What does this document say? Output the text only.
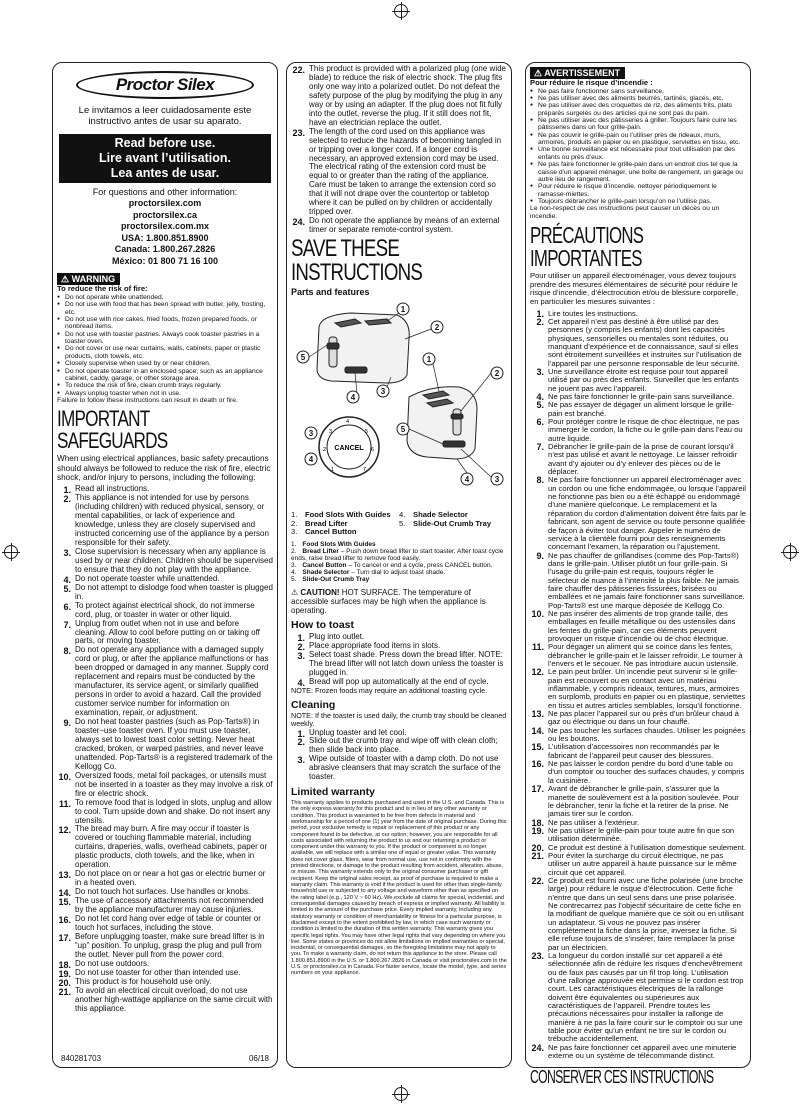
Proctor Silex
Le invitamos a leer cuidadosamente este instructivo antes de usar su aparato.
Read before use.
Lire avant l’utilisation.
Lea antes de usar.
For questions and other information:
proctorsilex.com
proctorsilex.ca
proctorsilex.com.mx
USA: 1.800.851.8900
Canada: 1.800.267.2826
México: 01 800 71 16 100
⚠ WARNING
To reduce the risk of fire:
● Do not operate while unattended.
● Do not use with food that has been spread with butter, jelly, frosting, etc.
● Do not use with rice cakes, fried foods, frozen prepared foods, or nonbread items.
● Do not use with toaster pastries. Always cook toaster pastries in a toaster oven.
● Do not cover or use near curtains, walls, cabinets, paper or plastic products, cloth towels, etc.
● Closely supervise when used by or near children.
● Do not operate toaster in an enclosed space, such as an appliance cabinet, caddy, garage, or other storage area.
● To reduce the risk of fire, clean crumb trays regularly.
● Always unplug toaster when not in use.
Failure to follow these instructions can result in death or fire.
IMPORTANT SAFEGUARDS
When using electrical appliances, basic safety precautions should always be followed to reduce the risk of fire, electric shock, and/or injury to persons, including the following:
1. Read all instructions.
2. This appliance is not intended for use by persons (including children) with reduced physical, sensory, or mental capabilities, or lack of experience and knowledge, unless they are closely supervised and instructed concerning use of the appliance by a person responsible for their safety.
3. Close supervision is necessary when any appliance is used by or near children. Children should be supervised to ensure that they do not play with the appliance.
4. Do not operate toaster while unattended.
5. Do not attempt to dislodge food when toaster is plugged in.
6. To protect against electrical shock, do not immerse cord, plug, or toaster in water or other liquid.
7. Unplug from outlet when not in use and before cleaning. Allow to cool before putting on or taking off parts, or moving toaster.
8. Do not operate any appliance with a damaged supply cord or plug, or after the appliance malfunctions or has been dropped or damaged in any manner. Supply cord replacement and repairs must be conducted by the manufacturer, its service agent, or similarly qualified persons in order to avoid a hazard. Call the provided customer service number for information on examination, repair, or adjustment.
9. Do not heat toaster pastries (such as Pop-Tarts®) in toaster–use toaster oven. If you must use toaster, always set to lowest toast color setting. Never heat cracked, broken, or warped pastries, and never leave unattended. Pop-Tarts® is a registered trademark of the Kellogg Co.
10. Oversized foods, metal foil packages, or utensils must not be inserted in a toaster as they may involve a risk of fire or electric shock.
11. To remove food that is lodged in slots, unplug and allow to cool. Turn upside down and shake. Do not insert any utensils.
12. The bread may burn. A fire may occur if toaster is covered or touching flammable material, including curtains, draperies, walls, overhead cabinets, paper or plastic products, cloth towels, and the like, when in operation.
13. Do not place on or near a hot gas or electric burner or in a heated oven.
14. Do not touch hot surfaces. Use handles or knobs.
15. The use of accessory attachments not recommended by the appliance manufacturer may cause injuries.
16. Do not let cord hang over edge of table or counter or touch hot surfaces, including the stove.
17. Before unplugging toaster, make sure bread lifter is in “up” position. To unplug, grasp the plug and pull from the outlet. Never pull from the power cord.
18. Do not use outdoors.
19. Do not use toaster for other than intended use.
20. This product is for household use only.
21. To avoid an electrical circuit overload, do not use another high-wattage appliance on the same circuit with this appliance.
840281703	06/18
22. This product is provided with a polarized plug (one wide blade) to reduce the risk of electric shock. The plug fits only one way into a polarized outlet. Do not defeat the safety purpose of the plug by modifying the plug in any way or by using an adapter. If the plug does not fit fully into the outlet, reverse the plug. If it still does not fit, have an electrician replace the outlet.
23. The length of the cord used on this appliance was selected to reduce the hazards of becoming tangled in or tripping over a longer cord. If a longer cord is necessary, an approved extension cord may be used. The electrical rating of the extension cord must be equal to or greater than the rating of the appliance. Care must be taken to arrange the extension cord so that it will not drape over the countertop or tabletop where it can be pulled on by children or accidentally tripped over.
24. Do not operate the appliance by means of an external timer or separate remote-control system.
SAVE THESE INSTRUCTIONS
Parts and features
CANCEL
4
5
6
7
3
2
1
1
2
5
4
3
1
2
5
4	3
3
4
1. Food Slots With Guides	4. Shade Selector
2. Bread Lifter	5. Slide-Out Crumb Tray
3. Cancel Button
1. Food Slots With Guides
2. Bread Lifter – Push down bread lifter to start toaster. After toast cycle ends, raise bread lifter to remove food easily.
3. Cancel Button – To cancel or end a cycle, press CANCEL button.
4. Shade Selector – Turn dial to adjust toast shade.
5. Slide-Out Crumb Tray
⚠ CAUTION! HOT SURFACE. The temperature of accessible surfaces may be high when the appliance is operating.
How to toast
1. Plug into outlet.
2. Place appropriate food items in slots.
3. Select toast shade. Press down the bread lifter. NOTE: The bread lifter will not latch down unless the toaster is plugged in.
4. Bread will pop up automatically at the end of cycle.
NOTE: Frozen foods may require an additional toasting cycle.
Cleaning
NOTE: If the toaster is used daily, the crumb tray should be cleaned weekly.
1. Unplug toaster and let cool.
2. Slide out the crumb tray and wipe off with clean cloth; then slide back into place.
3. Wipe outside of toaster with a damp cloth. Do not use abrasive cleansers that may scratch the surface of the toaster.
Limited warranty
This warranty applies to products purchased and used in the U.S. and Canada. This is the only express warranty for this product and is in lieu of any other warranty or condition. This product is warranted to be free from defects in material and workmanship for a period of one (1) year from the date of original purchase. During this period, your exclusive remedy is repair or replacement of this product or any component found to be defective, at our option; however, you are responsible for all costs associated with returning the product to us and our returning a product or component under this warranty to you. If the product or component is no longer available, we will replace with a similar one of equal or greater value. This warranty does not cover glass, filters, wear from normal use, use not in conformity with the printed directions, or damage to the product resulting from accident, alteration, abuse, or misuse. This warranty extends only to the original consumer purchaser or gift recipient. Keep the original sales receipt, as proof of purchase is required to make a warranty claim. This warranty is void if the product is used for other than single-family household use or subjected to any voltage and waveform other than as specified on the rating label (e.g., 120 V ~ 60 Hz). We exclude all claims for special, incidental, and consequential damages caused by breach of express or implied warranty. All liability is limited to the amount of the purchase price. Every implied warranty, including any statutory warranty or condition of merchantability or fitness for a particular purpose, is disclaimed except to the extent prohibited by law, in which case such warranty or condition is limited to the duration of this written warranty. This warranty gives you specific legal rights. You may have other legal rights that vary depending on where you live. Some states or provinces do not allow limitations on implied warranties or special, incidental, or consequential damages, so the foregoing limitations may not apply to you. To make a warranty claim, do not return this appliance to the store. Please call 1.800.851.8900 in the U.S. or 1.800.267.2826 in Canada or visit proctorsilex.com in the U.S. or proctorsilex.ca in Canada. For faster service, locate the model, type, and series numbers on your appliance.
⚠ AVERTISSEMENT
Pour réduire le risque d’incendie :
● Ne pas faire fonctionner sans surveillance.
● Ne pas utiliser avec des aliments beurrés, tartinés, glacés, etc.
● Ne pas utiliser avec des croquettes de riz, des aliments frits, plats préparés surgelés ou des articles qui ne sont pas du pain.
● Ne pas utiliser avec des pâtisseries à griller. Toujours faire cuire les pâtisseries dans un four grille-pain.
● Ne pas couvrir le grille-pain ou l’utiliser près de rideaux, murs, armoires, produits en papier ou en plastique, serviettes en tissu, etc.
● Une bonne surveillance est nécessaire pour tout utilisation par des enfants ou près d’eux.
● Ne pas faire fonctionner le grille-pain dans un endroit clos tel que la caisse d’un appareil ménager, une boîte de rangement, un garage ou autre lieu de rangement.
● Pour réduire le risque d’incendie, nettoyer périodiquement le ramasse-miettes.
● Toujours débrancher le grille-pain lorsqu’on ne l’utilise pas.
Le non-respect de ces instructions peut causer un décès ou un incendie.
PRÉCAUTIONS IMPORTANTES
Pour utiliser un appareil électroménager, vous devez toujours prendre des mesures élémentaires de sécurité pour réduire le risque d’incendie, d’électrocution et/ou de blessure corporelle, en particulier les mesures suivantes :
1. Lire toutes les instructions.
2. Cet appareil n’est pas destiné à être utilisé par des personnes (y compris les enfants) dont les capacités physiques, sensorielles ou mentales sont réduites, ou manquant d’expérience et de connaissance, sauf si elles sont étroitement surveillées et instruites sur l’utilisation de l’appareil par une personne responsable de leur sécurité.
3. Une surveillance étroite est requise pour tout appareil utilisé par ou près des enfants. Surveiller que les enfants ne jouent pas avec l’appareil.
4. Ne pas faire fonctionner le grille-pain sans surveillance.
5. Ne pas essayer de dégager un aliment lorsque le grille-pain est branché.
6. Pour protéger contre le risque de choc électrique, ne pas immerger le cordon, la fiche ou le grille-pain dans l’eau ou autre liquide.
7. Débrancher le grille-pain de la prise de courant lorsqu’il n’est pas utilisé et avant le nettoyage. Le laisser refroidir avant d’y ajouter ou d’y enlever des pièces ou de le déplacer.
8. Ne pas faire fonctionner un appareil électroménager avec un cordon ou une fiche endommagée, ou lorsque l’appareil ne fonctionne pas bien ou a été échappé ou endommagé d’une manière quelconque. Le remplacement et la réparation du cordon d’alimentation doivent être faits par le fabricant, son agent de service ou toute personne qualifiée de façon à éviter tout danger. Appeler le numéro de service à la clientèle fourni pour des renseignements concernant l’examen, la réparation ou l’ajustement.
9. Ne pas chauffer de grillandises (comme des Pop-Tarts®) dans le grille-pain. Utiliser plutôt un four grille-pain. Si l’usage du grille-pain est requis, toujours régler le sélecteur de nuance à l’intensité la plus faible. Ne jamais faire chauffer des pâtisseries fissurées, brisées ou emballées et ne jamais faire fonctionner sans surveillance. Pop-Tarts® est une marque déposée de Kellogg Co.
10. Ne pas insérer des aliments de trop grande taille, des emballages en feuille métallique ou des ustensiles dans les fentes du grille-pain, car ces éléments peuvent provoquer un risque d’incendie ou de choc électrique.
11. Pour dégager un aliment qui se coince dans les fentes, débrancher le grille-pain et le laisser refroidir. Le tourner à l’envers et le secouer. Ne pas introduire aucun ustensile.
12. Le pain peut brûler. Un incendie peut survenir si le grille-pain est recouvert ou en contact avec un matériau inflammable, y compris rideaux, tentures, murs, armoires en surplomb, produits en papier ou en plastique, serviettes en tissu et autres articles semblables, lorsqu’il fonctionne.
13. Ne pas placer l’appareil sur ou près d’un brûleur chaud à gaz ou électrique ou dans un four chauffé.
14. Ne pas toucher les surfaces chaudes. Utiliser les poignées ou les boutons.
15. L’utilisation d’accessoires non recommandés par le fabricant de l’appareil peut causer des blessures.
16. Ne pas laisser le cordon pendre du bord d’une table ou d’un comptoir ou toucher des surfaces chaudes, y compris la cuisinière.
17. Avant de débrancher le grille-pain, s’assurer que la manette de soulèvement est à la position soulevée. Pour le débrancher, tenir la fiche et la retirer de la prise. Ne jamais tirer sur le cordon.
18. Ne pas utiliser à l’extérieur.
19. Ne pas utiliser le grille-pain pour toute autre fin que son utilisation déterminée.
20. Ce produit est destiné à l’utilisation domestique seulement.
21. Pour éviter la surcharge du circuit électrique, ne pas utiliser un autre appareil à haute puissance sur le même circuit que cet appareil.
22. Ce produit est fourni avec une fiche polarisée (une broche large) pour réduire le risque d’électrocution. Cette fiche n’entre que dans un seul sens dans une prise polarisée. Ne contrecarrez pas l’objectif sécuritaire de cette fiche en la modifiant de quelque manière que ce soit ou en utilisant un adaptateur. Si vous ne pouvez pas insérer complètement la fiche dans la prise, inversez la fiche. Si elle refuse toujours de s’insérer, faire remplacer la prise par un électricien.
23. La longueur du cordon installé sur cet appareil a été sélectionnée afin de réduire les risques d’enchevêtrement ou de faux pas causés par un fil trop long. L’utilisation d’une rallonge approuvée est permise si le cordon est trop court. Les caractéristiques électriques de la rallonge doivent être équivalentes ou supérieures aux caractéristiques de l’appareil. Prendre toutes les précautions nécessaires pour installer la rallonge de manière à ne pas la faire courir sur le comptoir ou sur une table pour éviter qu’un enfant ne tire sur le cordon ou trébuche accidentellement.
24. Ne pas faire fonctionner cet appareil avec une minuterie externe ou un système de télécommande distinct.
CONSERVER CES INSTRUCTIONS
